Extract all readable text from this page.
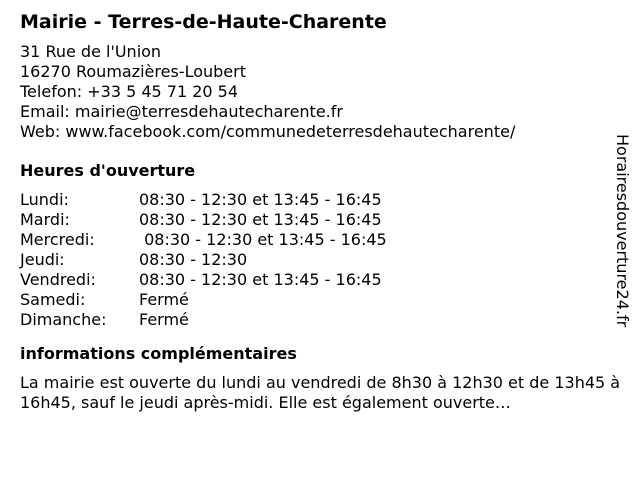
Mairie - Terres-de-Haute-Charente
31 Rue de l'Union
16270 Roumazières-Loubert
Telefon: +33 5 45 71 20 54
Email: mairie@terresdehautecharente.fr
Web: www.facebook.com/communedeterresdehautecharente/
Heures d'ouverture
Lundi:	08:30 - 12:30 et 13:45 - 16:45
Mardi:	08:30 - 12:30 et 13:45 - 16:45
Mercredi:	08:30 - 12:30 et 13:45 - 16:45
Jeudi:	08:30 - 12:30
Vendredi:	08:30 - 12:30 et 13:45 - 16:45
Samedi:	Fermé
Dimanche:	Fermé
informations complémentaires
La mairie est ouverte du lundi au vendredi de 8h30 à 12h30 et de 13h45 à 16h45, sauf le jeudi après-midi. Elle est également ouverte…
Horairesdouverture24.fr
